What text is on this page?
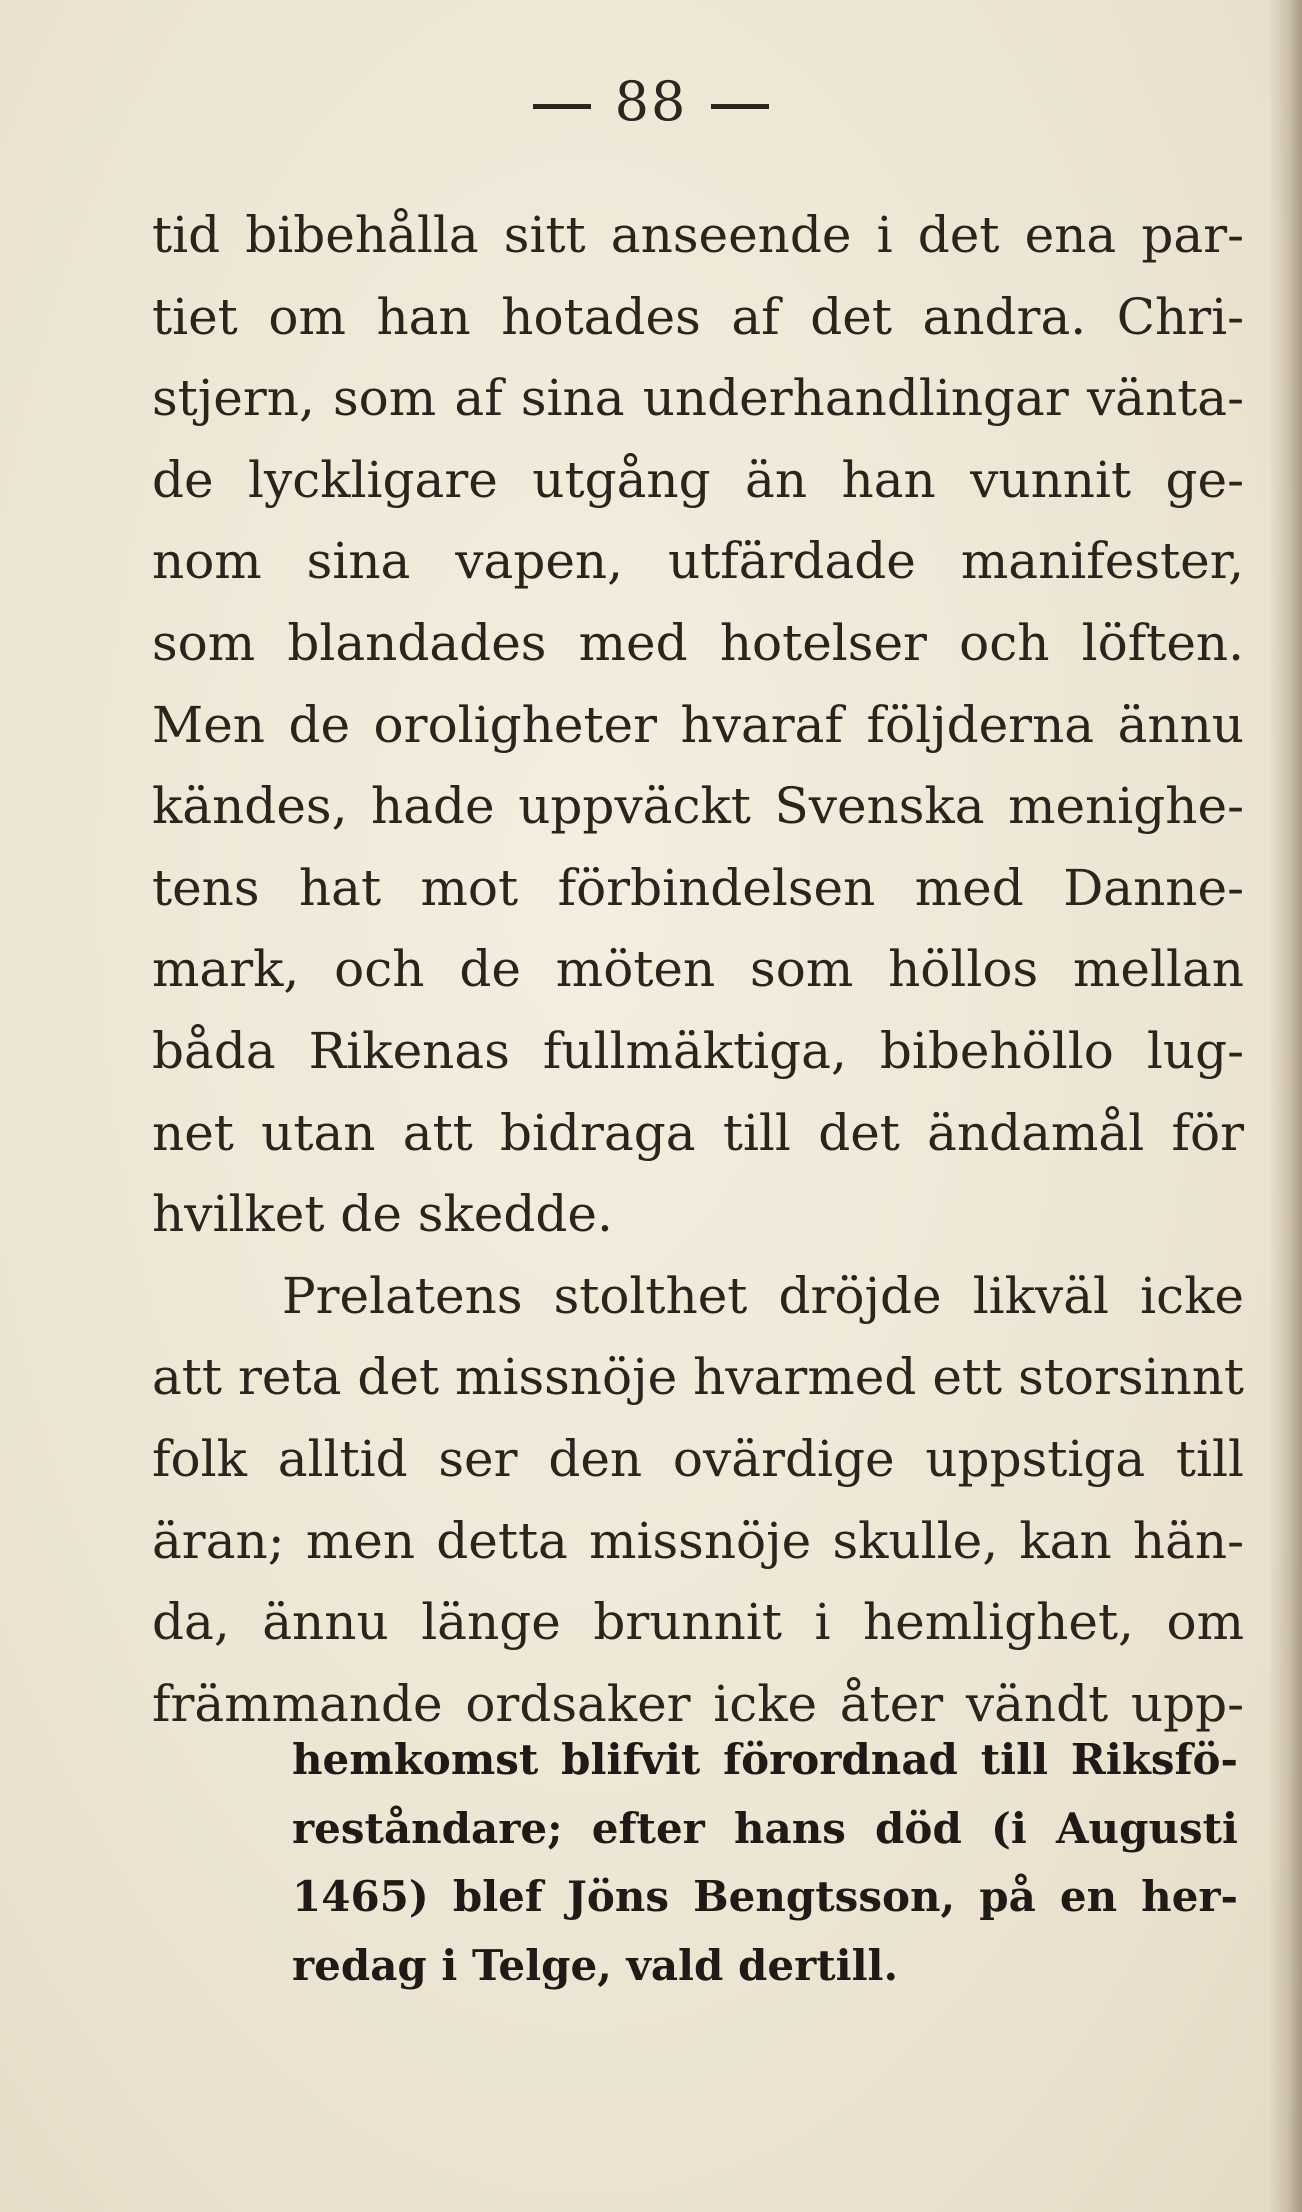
88
tid bibehålla sitt anseende i det ena par-
tiet om han hotades af det andra. Chri-
stjern, som af sina underhandlingar vänta-
de lyckligare utgång än han vunnit ge-
nom sina vapen, utfärdade manifester,
som blandades med hotelser och löften.
Men de oroligheter hvaraf följderna ännu
kändes, hade uppväckt Svenska menighe-
tens hat mot förbindelsen med Danne-
mark, och de möten som höllos mellan
båda Rikenas fullmäktiga, bibehöllo lug-
net utan att bidraga till det ändamål för
hvilket de skedde.
Prelatens stolthet dröjde likväl icke
att reta det missnöje hvarmed ett storsinnt
folk alltid ser den ovärdige uppstiga till
äran; men detta missnöje skulle, kan hän-
da, ännu länge brunnit i hemlighet, om
främmande ordsaker icke åter vändt upp-
hemkomst blifvit förordnad till Riksfö-
reståndare; efter hans död (i Augusti
1465) blef Jöns Bengtsson, på en her-
redag i Telge, vald dertill.
